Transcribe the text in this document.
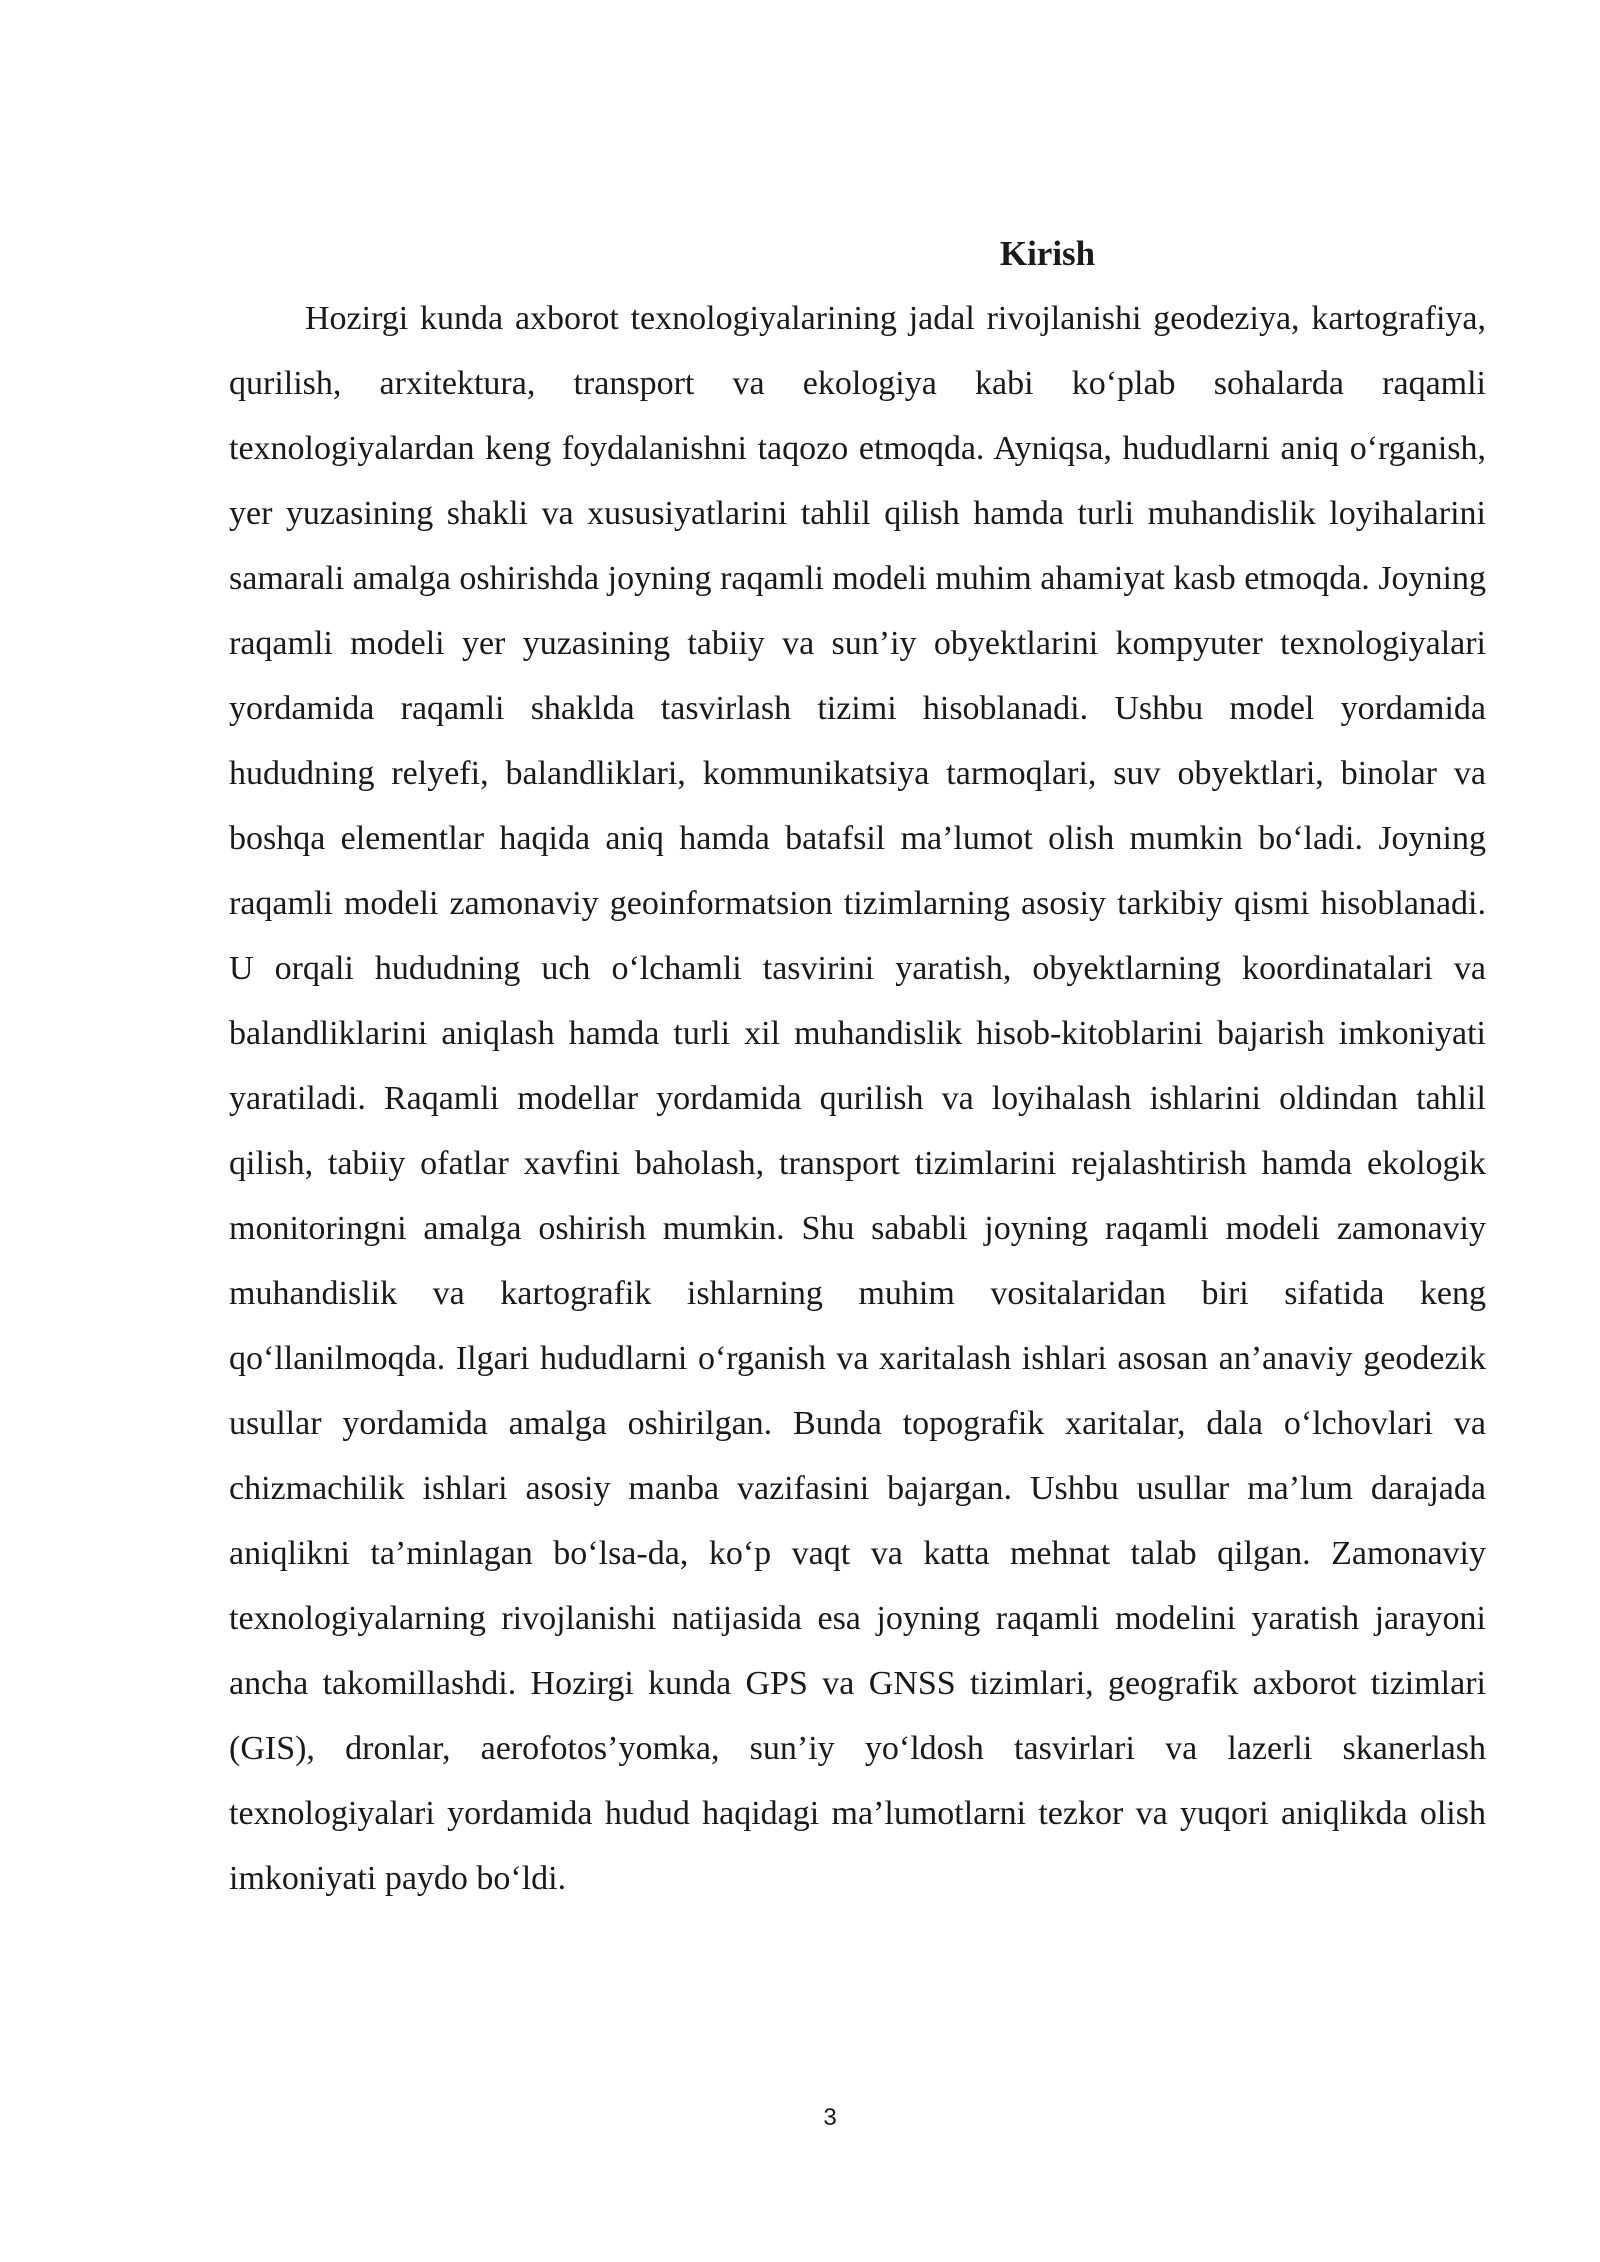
Kirish

Hozirgi kunda axborot texnologiyalarining jadal rivojlanishi geodeziya, kartografiya, qurilish, arxitektura, transport va ekologiya kabi ko‘plab sohalarda raqamli texnologiyalardan keng foydalanishni taqozo etmoqda. Ayniqsa, hududlarni aniq o‘rganish, yer yuzasining shakli va xususiyatlarini tahlil qilish hamda turli muhandislik loyihalarini samarali amalga oshirishda joyning raqamli modeli muhim ahamiyat kasb etmoqda. Joyning raqamli modeli yer yuzasining tabiiy va sun’iy obyektlarini kompyuter texnologiyalari yordamida raqamli shaklda tasvirlash tizimi hisoblanadi. Ushbu model yordamida hududning relyefi, balandliklari, kommunikatsiya tarmoqlari, suv obyektlari, binolar va boshqa elementlar haqida aniq hamda batafsil ma’lumot olish mumkin bo‘ladi. Joyning raqamli modeli zamonaviy geoinformatsion tizimlarning asosiy tarkibiy qismi hisoblanadi. U orqali hududning uch o‘lchamli tasvirini yaratish, obyektlarning koordinatalari va balandliklarini aniqlash hamda turli xil muhandislik hisob-kitoblarini bajarish imkoniyati yaratiladi. Raqamli modellar yordamida qurilish va loyihalash ishlarini oldindan tahlil qilish, tabiiy ofatlar xavfini baholash, transport tizimlarini rejalashtirish hamda ekologik monitoringni amalga oshirish mumkin. Shu sababli joyning raqamli modeli zamonaviy muhandislik va kartografik ishlarning muhim vositalaridan biri sifatida keng qo‘llanilmoqda. Ilgari hududlarni o‘rganish va xaritalash ishlari asosan an’anaviy geodezik usullar yordamida amalga oshirilgan. Bunda topografik xaritalar, dala o‘lchovlari va chizmachilik ishlari asosiy manba vazifasini bajargan. Ushbu usullar ma’lum darajada aniqlikni ta’minlagan bo‘lsa-da, ko‘p vaqt va katta mehnat talab qilgan. Zamonaviy texnologiyalarning rivojlanishi natijasida esa joyning raqamli modelini yaratish jarayoni ancha takomillashdi. Hozirgi kunda GPS va GNSS tizimlari, geografik axborot tizimlari (GIS), dronlar, aerofotos’yomka, sun’iy yo‘ldosh tasvirlari va lazerli skanerlash texnologiyalari yordamida hudud haqidagi ma’lumotlarni tezkor va yuqori aniqlikda olish imkoniyati paydo bo‘ldi.

3
